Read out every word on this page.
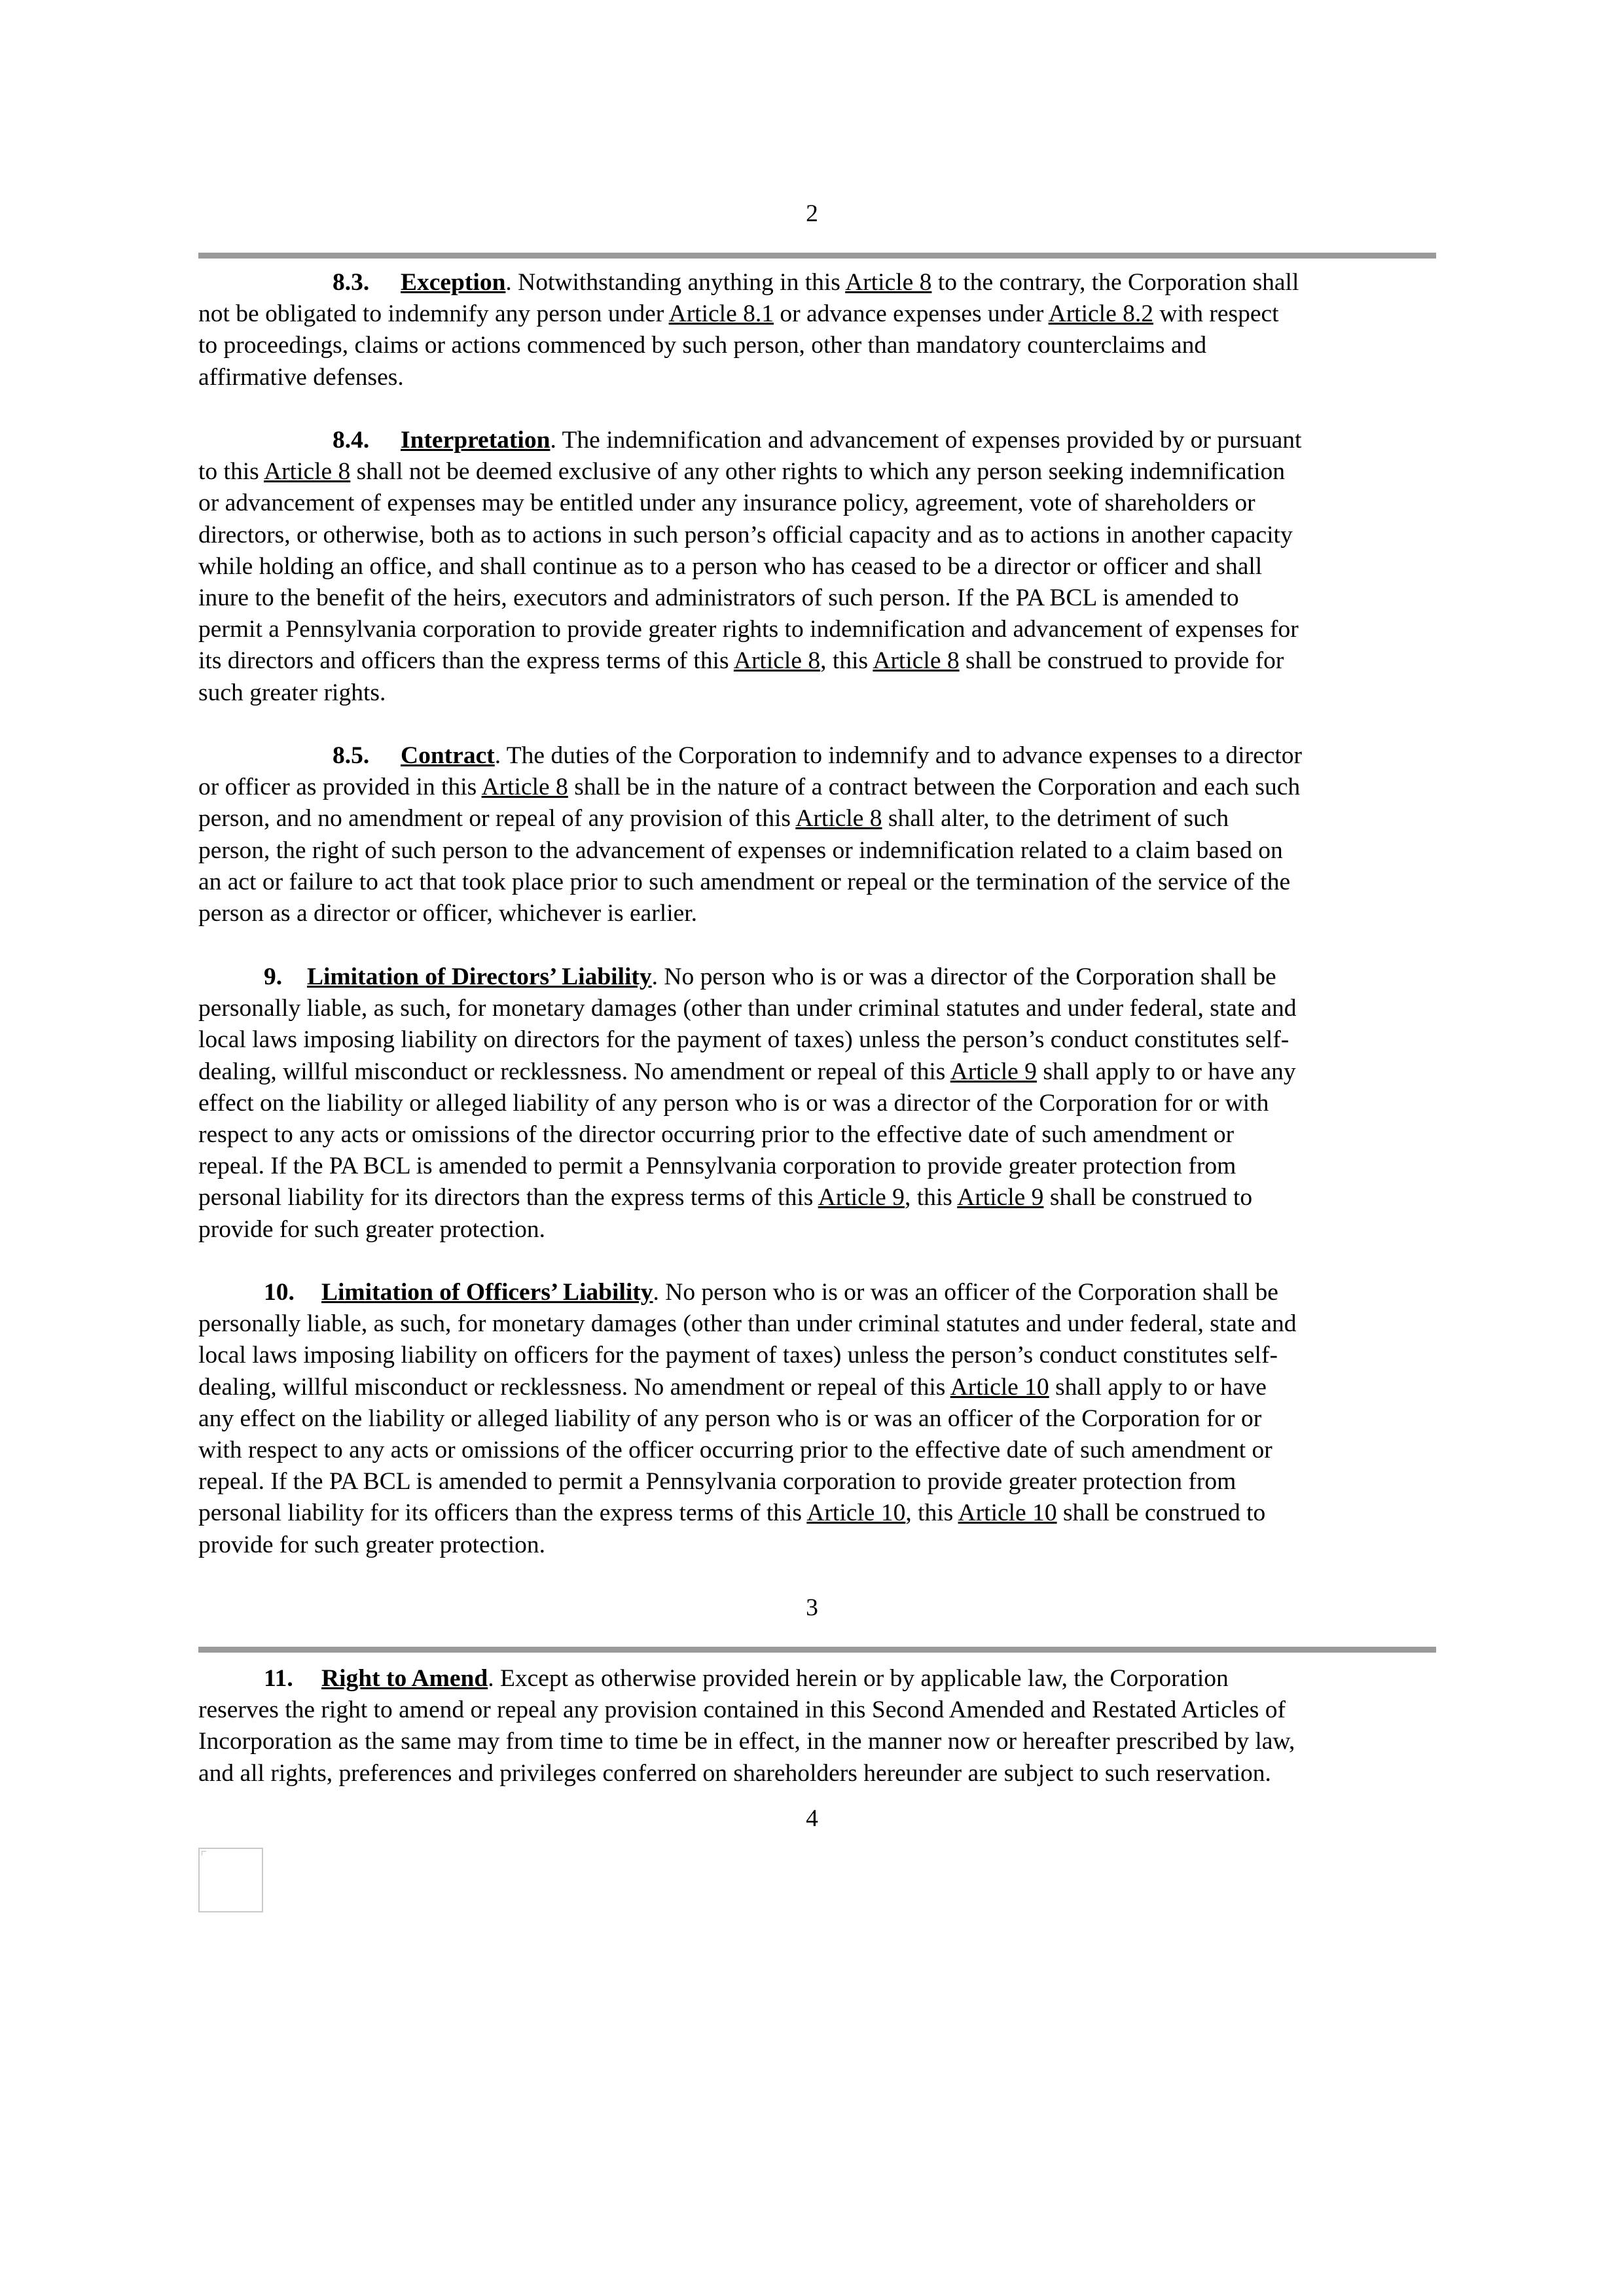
2
8.3. Exception. Notwithstanding anything in this Article 8 to the contrary, the Corporation shall
not be obligated to indemnify any person under Article 8.1 or advance expenses under Article 8.2 with respect
to proceedings, claims or actions commenced by such person, other than mandatory counterclaims and
affirmative defenses.
8.4. Interpretation. The indemnification and advancement of expenses provided by or pursuant
to this Article 8 shall not be deemed exclusive of any other rights to which any person seeking indemnification
or advancement of expenses may be entitled under any insurance policy, agreement, vote of shareholders or
directors, or otherwise, both as to actions in such person’s official capacity and as to actions in another capacity
while holding an office, and shall continue as to a person who has ceased to be a director or officer and shall
inure to the benefit of the heirs, executors and administrators of such person. If the PA BCL is amended to
permit a Pennsylvania corporation to provide greater rights to indemnification and advancement of expenses for
its directors and officers than the express terms of this Article 8, this Article 8 shall be construed to provide for
such greater rights.
8.5. Contract. The duties of the Corporation to indemnify and to advance expenses to a director
or officer as provided in this Article 8 shall be in the nature of a contract between the Corporation and each such
person, and no amendment or repeal of any provision of this Article 8 shall alter, to the detriment of such
person, the right of such person to the advancement of expenses or indemnification related to a claim based on
an act or failure to act that took place prior to such amendment or repeal or the termination of the service of the
person as a director or officer, whichever is earlier.
9. Limitation of Directors’ Liability. No person who is or was a director of the Corporation shall be
personally liable, as such, for monetary damages (other than under criminal statutes and under federal, state and
local laws imposing liability on directors for the payment of taxes) unless the person’s conduct constitutes self-
dealing, willful misconduct or recklessness. No amendment or repeal of this Article 9 shall apply to or have any
effect on the liability or alleged liability of any person who is or was a director of the Corporation for or with
respect to any acts or omissions of the director occurring prior to the effective date of such amendment or
repeal. If the PA BCL is amended to permit a Pennsylvania corporation to provide greater protection from
personal liability for its directors than the express terms of this Article 9, this Article 9 shall be construed to
provide for such greater protection.
10. Limitation of Officers’ Liability. No person who is or was an officer of the Corporation shall be
personally liable, as such, for monetary damages (other than under criminal statutes and under federal, state and
local laws imposing liability on officers for the payment of taxes) unless the person’s conduct constitutes self-
dealing, willful misconduct or recklessness. No amendment or repeal of this Article 10 shall apply to or have
any effect on the liability or alleged liability of any person who is or was an officer of the Corporation for or
with respect to any acts or omissions of the officer occurring prior to the effective date of such amendment or
repeal. If the PA BCL is amended to permit a Pennsylvania corporation to provide greater protection from
personal liability for its officers than the express terms of this Article 10, this Article 10 shall be construed to
provide for such greater protection.
3
11. Right to Amend. Except as otherwise provided herein or by applicable law, the Corporation
reserves the right to amend or repeal any provision contained in this Second Amended and Restated Articles of
Incorporation as the same may from time to time be in effect, in the manner now or hereafter prescribed by law,
and all rights, preferences and privileges conferred on shareholders hereunder are subject to such reservation.
4
